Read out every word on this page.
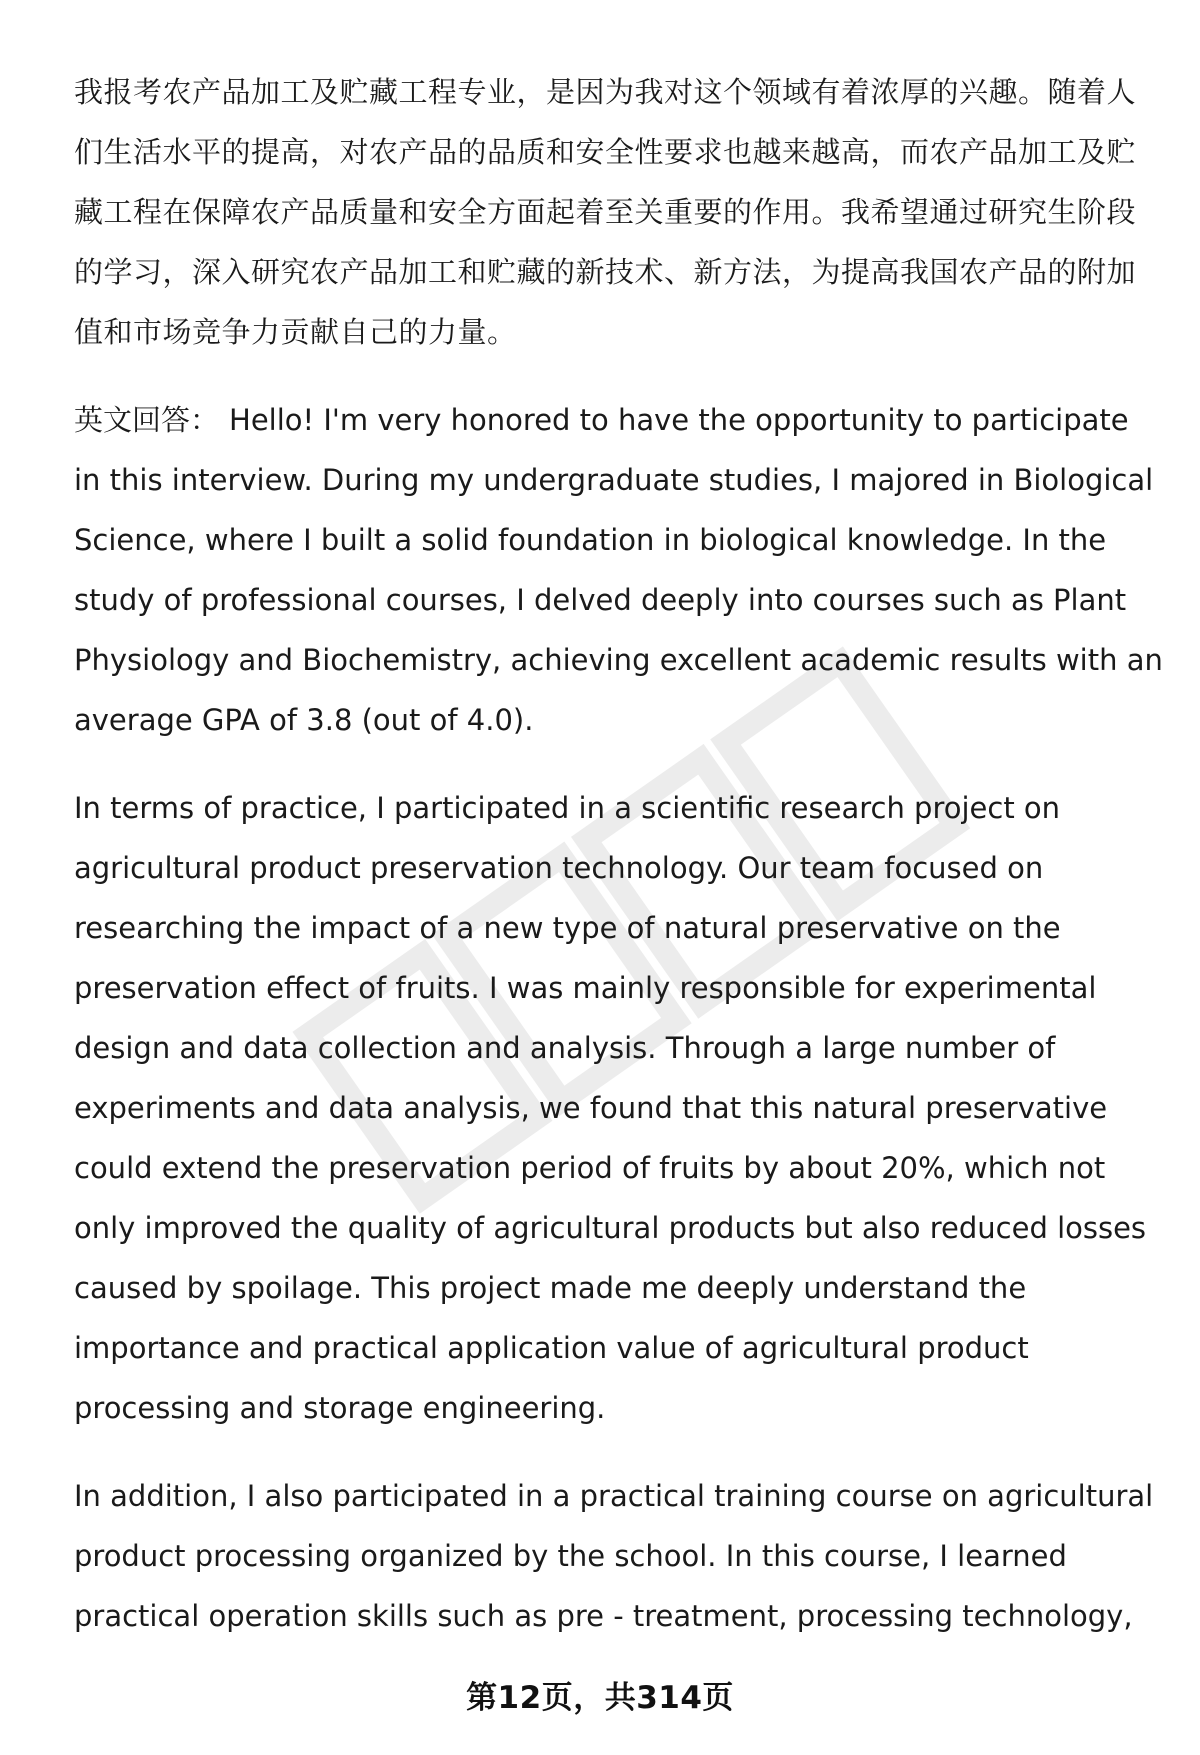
我报考农产品加工及贮藏工程专业，是因为我对这个领域有着浓厚的兴趣。随着人们生活水平的提高，对农产品的品质和安全性要求也越来越高，而农产品加工及贮藏工程在保障农产品质量和安全方面起着至关重要的作用。我希望通过研究生阶段的学习，深入研究农产品加工和贮藏的新技术、新方法，为提高我国农产品的附加值和市场竞争力贡献自己的力量。

英文回答： Hello! I'm very honored to have the opportunity to participate in this interview. During my undergraduate studies, I majored in Biological Science, where I built a solid foundation in biological knowledge. In the study of professional courses, I delved deeply into courses such as Plant Physiology and Biochemistry, achieving excellent academic results with an average GPA of 3.8 (out of 4.0).

In terms of practice, I participated in a scientific research project on agricultural product preservation technology. Our team focused on researching the impact of a new type of natural preservative on the preservation effect of fruits. I was mainly responsible for experimental design and data collection and analysis. Through a large number of experiments and data analysis, we found that this natural preservative could extend the preservation period of fruits by about 20%, which not only improved the quality of agricultural products but also reduced losses caused by spoilage. This project made me deeply understand the importance and practical application value of agricultural product processing and storage engineering.

In addition, I also participated in a practical training course on agricultural product processing organized by the school. In this course, I learned practical operation skills such as pre - treatment, processing technology,

第12页，共314页
